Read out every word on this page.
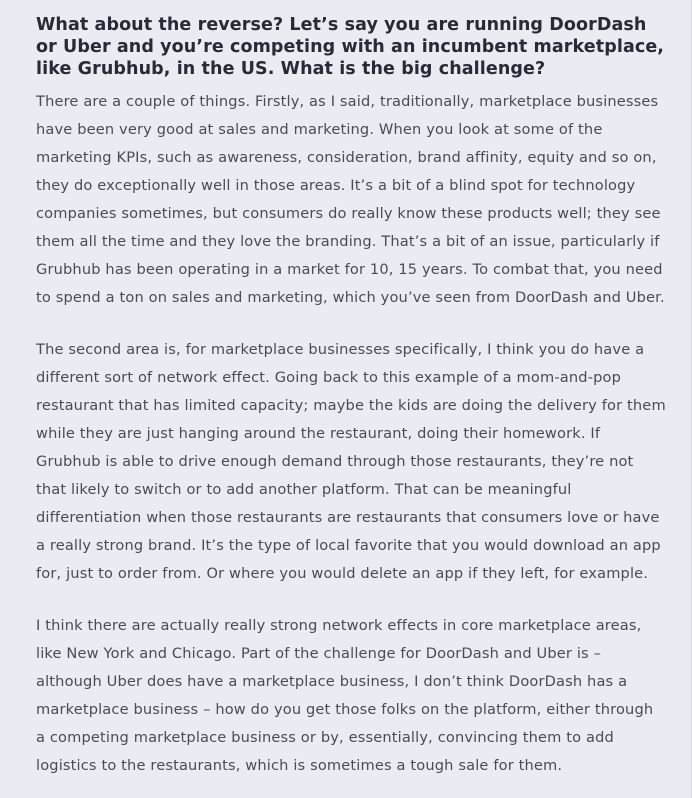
What about the reverse? Let’s say you are running DoorDash or Uber and you’re competing with an incumbent marketplace, like Grubhub, in the US. What is the big challenge?

There are a couple of things. Firstly, as I said, traditionally, marketplace businesses have been very good at sales and marketing. When you look at some of the marketing KPIs, such as awareness, consideration, brand affinity, equity and so on, they do exceptionally well in those areas. It’s a bit of a blind spot for technology companies sometimes, but consumers do really know these products well; they see them all the time and they love the branding. That’s a bit of an issue, particularly if Grubhub has been operating in a market for 10, 15 years. To combat that, you need to spend a ton on sales and marketing, which you’ve seen from DoorDash and Uber.

The second area is, for marketplace businesses specifically, I think you do have a different sort of network effect. Going back to this example of a mom-and-pop restaurant that has limited capacity; maybe the kids are doing the delivery for them while they are just hanging around the restaurant, doing their homework. If Grubhub is able to drive enough demand through those restaurants, they’re not that likely to switch or to add another platform. That can be meaningful differentiation when those restaurants are restaurants that consumers love or have a really strong brand. It’s the type of local favorite that you would download an app for, just to order from. Or where you would delete an app if they left, for example.

I think there are actually really strong network effects in core marketplace areas, like New York and Chicago. Part of the challenge for DoorDash and Uber is – although Uber does have a marketplace business, I don’t think DoorDash has a marketplace business – how do you get those folks on the platform, either through a competing marketplace business or by, essentially, convincing them to add logistics to the restaurants, which is sometimes a tough sale for them.
